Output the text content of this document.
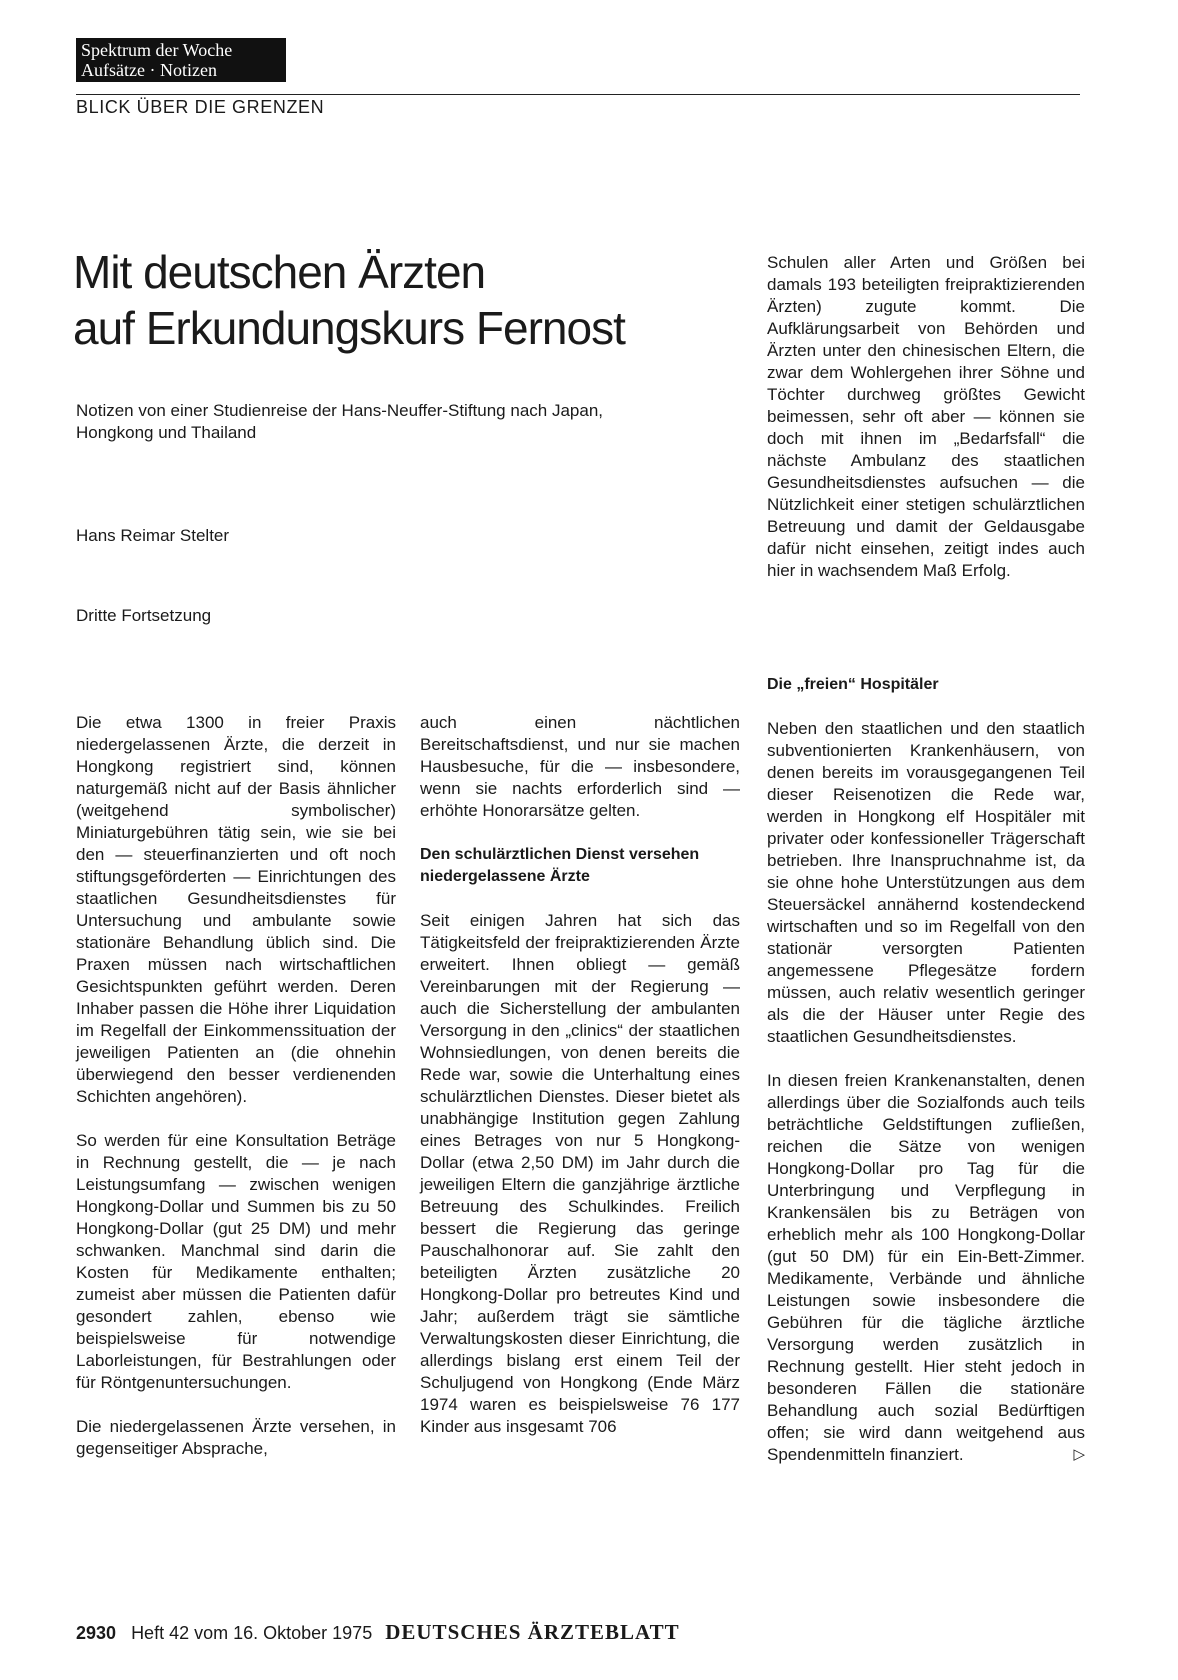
Spektrum der Woche
Aufsätze · Notizen
BLICK ÜBER DIE GRENZEN
Mit deutschen Ärzten
auf Erkundungskurs Fernost
Notizen von einer Studienreise der Hans-Neuffer-Stiftung nach Japan, Hongkong und Thailand
Hans Reimar Stelter
Dritte Fortsetzung

Schulen aller Arten und Größen bei damals 193 beteiligten freipraktizierenden Ärzten) zugute kommt. Die Aufklärungsarbeit von Behörden und Ärzten unter den chinesischen Eltern, die zwar dem Wohlergehen ihrer Söhne und Töchter durchweg größtes Gewicht beimessen, sehr oft aber — können sie doch mit ihnen im „Bedarfsfall“ die nächste Ambulanz des staatlichen Gesundheitsdienstes aufsuchen — die Nützlichkeit einer stetigen schulärztlichen Betreuung und damit der Geldausgabe dafür nicht einsehen, zeitigt indes auch hier in wachsendem Maß Erfolg.

Die etwa 1300 in freier Praxis niedergelassenen Ärzte, die derzeit in Hongkong registriert sind, können naturgemäß nicht auf der Basis ähnlicher (weitgehend symbolischer) Miniaturgebühren tätig sein, wie sie bei den — steuerfinanzierten und oft noch stiftungsgeförderten — Einrichtungen des staatlichen Gesundheitsdienstes für Untersuchung und ambulante sowie stationäre Behandlung üblich sind. Die Praxen müssen nach wirtschaftlichen Gesichtspunkten geführt werden. Deren Inhaber passen die Höhe ihrer Liquidation im Regelfall der Einkommenssituation der jeweiligen Patienten an (die ohnehin überwiegend den besser verdienenden Schichten angehören).

So werden für eine Konsultation Beträge in Rechnung gestellt, die — je nach Leistungsumfang — zwischen wenigen Hongkong-Dollar und Summen bis zu 50 Hongkong-Dollar (gut 25 DM) und mehr schwanken. Manchmal sind darin die Kosten für Medikamente enthalten; zumeist aber müssen die Patienten dafür gesondert zahlen, ebenso wie beispielsweise für notwendige Laborleistungen, für Bestrahlungen oder für Röntgenuntersuchungen.

Die niedergelassenen Ärzte versehen, in gegenseitiger Absprache,

auch einen nächtlichen Bereitschaftsdienst, und nur sie machen Hausbesuche, für die — insbesondere, wenn sie nachts erforderlich sind — erhöhte Honorarsätze gelten.

Den schulärztlichen Dienst versehen niedergelassene Ärzte

Seit einigen Jahren hat sich das Tätigkeitsfeld der freipraktizierenden Ärzte erweitert. Ihnen obliegt — gemäß Vereinbarungen mit der Regierung — auch die Sicherstellung der ambulanten Versorgung in den „clinics“ der staatlichen Wohnsiedlungen, von denen bereits die Rede war, sowie die Unterhaltung eines schulärztlichen Dienstes. Dieser bietet als unabhängige Institution gegen Zahlung eines Betrages von nur 5 Hongkong-Dollar (etwa 2,50 DM) im Jahr durch die jeweiligen Eltern die ganzjährige ärztliche Betreuung des Schulkindes. Freilich bessert die Regierung das geringe Pauschalhonorar auf. Sie zahlt den beteiligten Ärzten zusätzliche 20 Hongkong-Dollar pro betreutes Kind und Jahr; außerdem trägt sie sämtliche Verwaltungskosten dieser Einrichtung, die allerdings bislang erst einem Teil der Schuljugend von Hongkong (Ende März 1974 waren es beispielsweise 76 177 Kinder aus insgesamt 706

Die „freien“ Hospitäler

Neben den staatlichen und den staatlich subventionierten Krankenhäusern, von denen bereits im vorausgegangenen Teil dieser Reisenotizen die Rede war, werden in Hongkong elf Hospitäler mit privater oder konfessioneller Trägerschaft betrieben. Ihre Inanspruchnahme ist, da sie ohne hohe Unterstützungen aus dem Steuersäckel annähernd kostendeckend wirtschaften und so im Regelfall von den stationär versorgten Patienten angemessene Pflegesätze fordern müssen, auch relativ wesentlich geringer als die der Häuser unter Regie des staatlichen Gesundheitsdienstes.

In diesen freien Krankenanstalten, denen allerdings über die Sozialfonds auch teils beträchtliche Geldstiftungen zufließen, reichen die Sätze von wenigen Hongkong-Dollar pro Tag für die Unterbringung und Verpflegung in Krankensälen bis zu Beträgen von erheblich mehr als 100 Hongkong-Dollar (gut 50 DM) für ein Ein-Bett-Zimmer. Medikamente, Verbände und ähnliche Leistungen sowie insbesondere die Gebühren für die tägliche ärztliche Versorgung werden zusätzlich in Rechnung gestellt. Hier steht jedoch in besonderen Fällen die stationäre Behandlung auch sozial Bedürftigen offen; sie wird dann weitgehend aus Spendenmitteln finanziert.	▷

2930 Heft 42 vom 16. Oktober 1975 DEUTSCHES ÄRZTEBLATT
